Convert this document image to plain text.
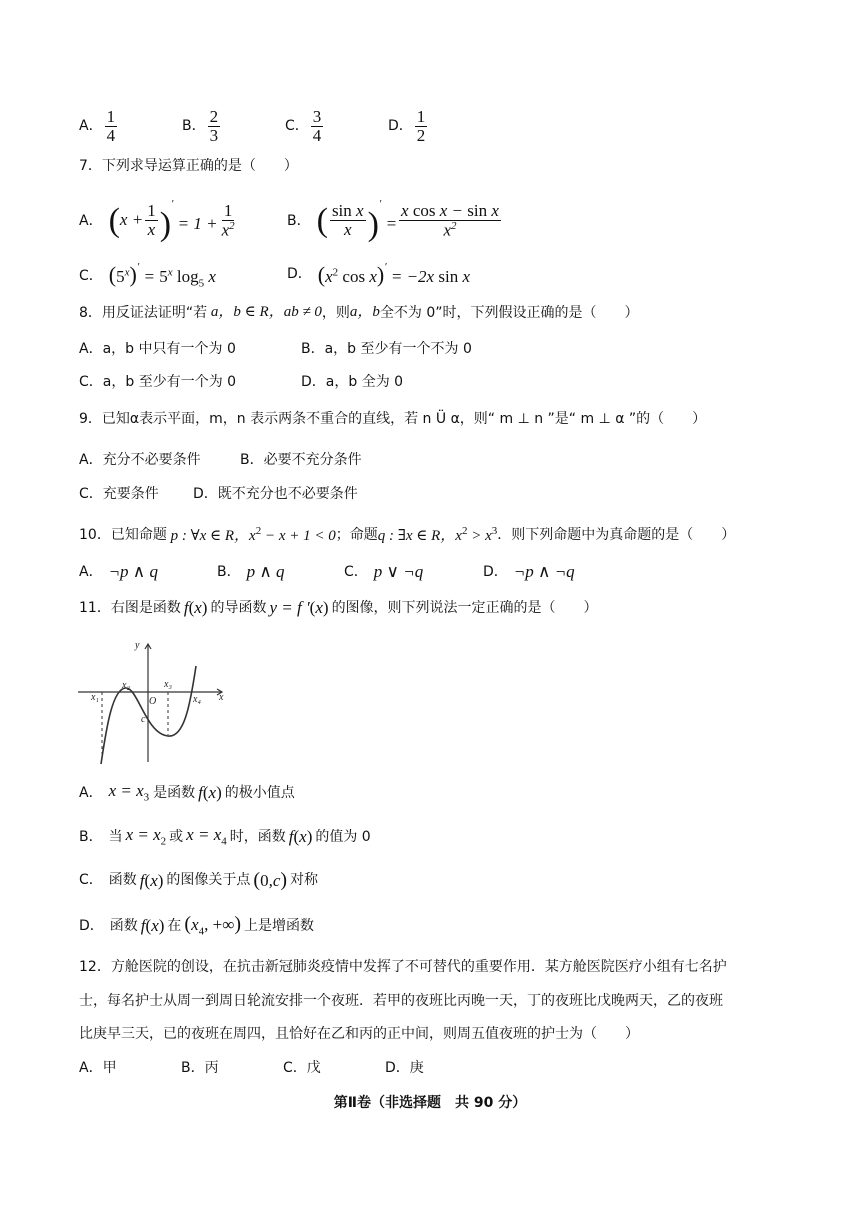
A． $\frac{1}{4}$	B． $\frac{2}{3}$	C． $\frac{3}{4}$	D． $\frac{1}{2}$
7．下列求导运算正确的是（　　）
A． $(x + \frac{1}{x} )' = 1 + \frac{1}{x^2}$	B． ( $\frac{\text{sin x}}{x} )' = \frac{\text{x cos x − sin x}}{x^2}$
C． $(5^x)' = 5^x$ $\log_5 x$	D． ($x^2$ cos x)′ = −2x sin x
8．用反证法证明“若 a，b ∈ R，ab ≠ 0 ，则 a，b 全不为 0”时，下列假设正确的是（　　）
A．a，b 中只有一个为 0	B．a，b 至少有一个不为 0
C．a，b 至少有一个为 0	D．a，b 全为 0
9．已知α表示平面，m，n 表示两条不重合的直线，若 n Ü α，则“ m ⊥ n ”是“ m ⊥ α ”的（　　）
A．充分不必要条件	B．必要不充分条件
C．充要条件 D．既不充分也不必要条件
10．已知命题 p : ∀x ∈ R，$x^2 - x + 1 < 0$ ；命题 q : ∃x ∈ R，$x^2 > x^3$ ．则下列命题中为真命题的是（　　）
A． ¬p ∧ q	B． p ∧ q	C． p ∨ ¬q	D． ¬p ∧ ¬q
11．右图是函数 f(x) 的导函数 y = f ′(x) 的图像，则下列说法一定正确的是（　　）
y
x
x₁
x₂	x₃
x₄
O
c
A． $x = x_3$ 是函数 f(x) 的极小值点
B． 当 $x = x_2$ 或 $x = x_4$ 时，函数 f(x) 的值为 0
C． 函数 f(x) 的图像关于点 (0,c) 对称
D． 函数 f(x) 在 ($x_4$, +∞) 上是增函数
12．方舱医院的创设，在抗击新冠肺炎疫情中发挥了不可替代的重要作用．某方舱医院医疗小组有七名护
士，每名护士从周一到周日轮流安排一个夜班．若甲的夜班比丙晚一天，丁的夜班比戊晚两天，乙的夜班
比庚早三天，已的夜班在周四，且恰好在乙和丙的正中间，则周五值夜班的护士为（　　）
A．甲	B．丙	C．戊	D．庚
第Ⅱ卷（非选择题　共 90 分）
